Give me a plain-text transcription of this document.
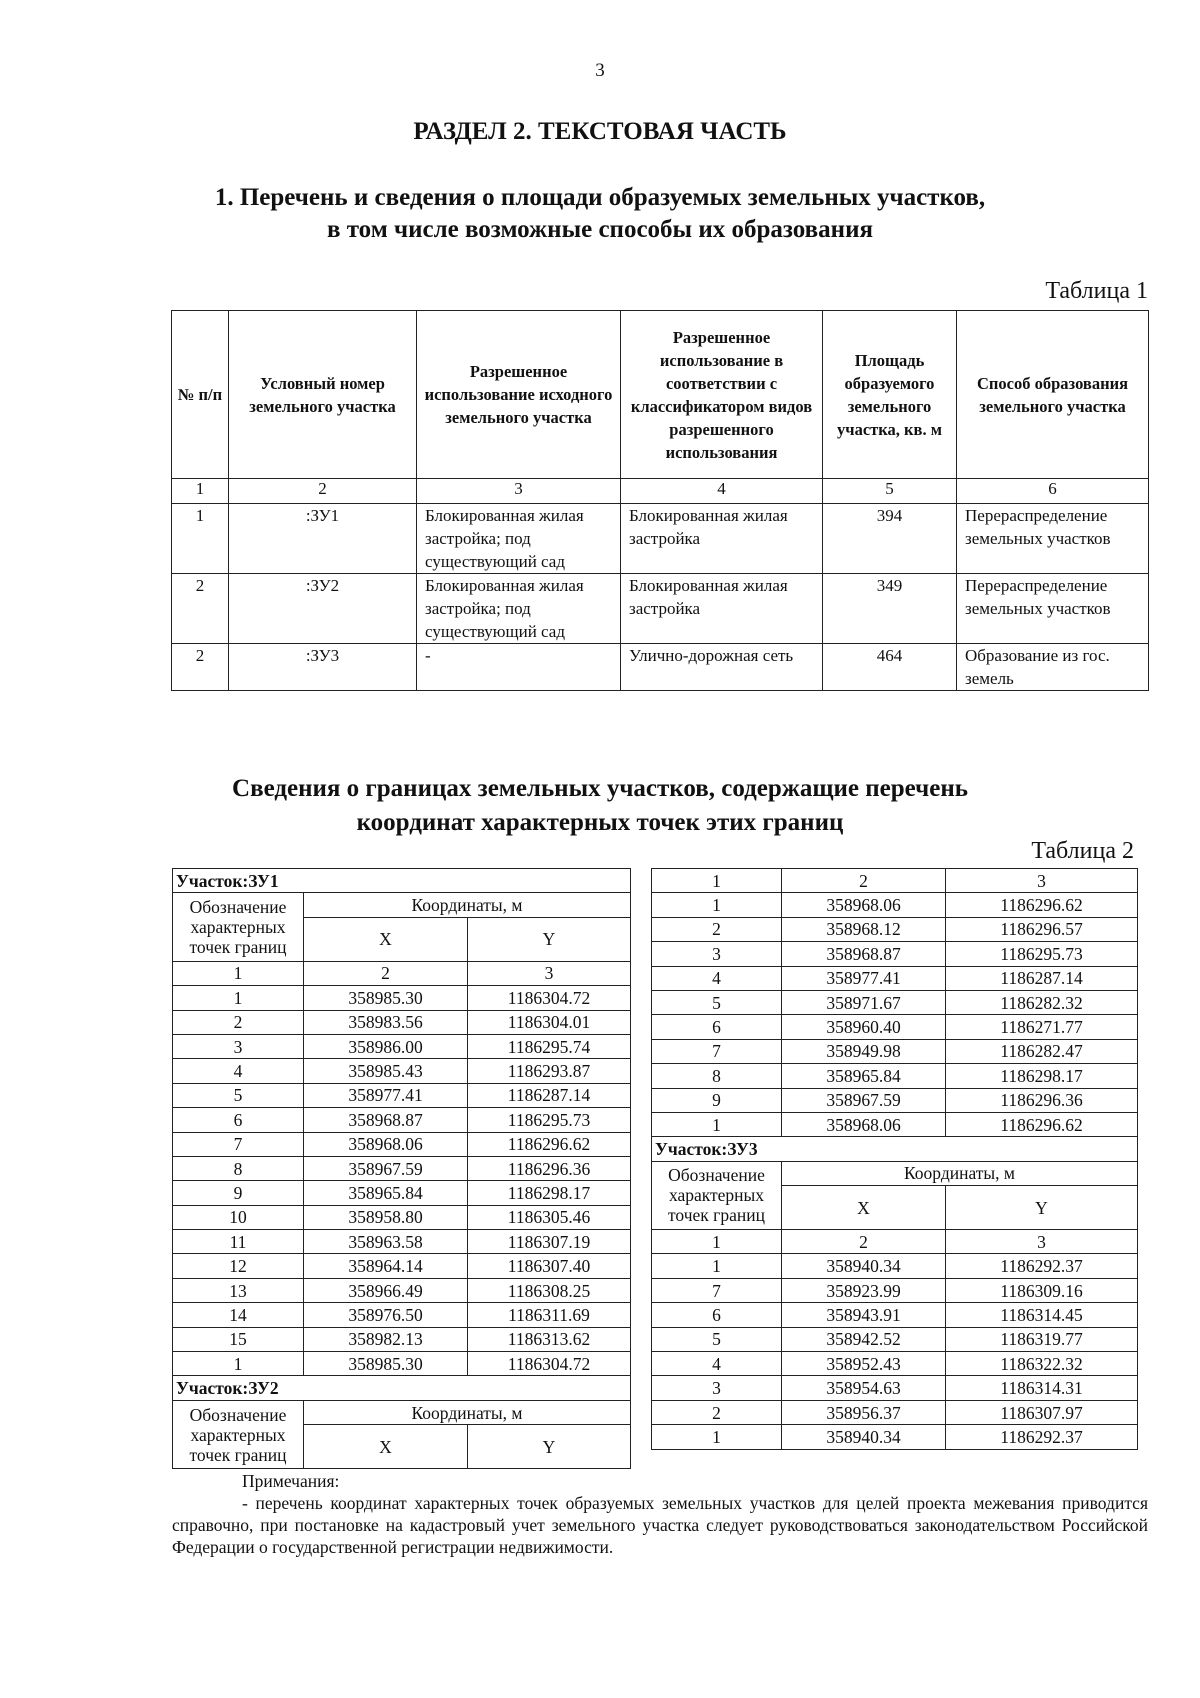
3
РАЗДЕЛ 2. ТЕКСТОВАЯ ЧАСТЬ
1. Перечень и сведения о площади образуемых земельных участков,
в том числе возможные способы их образования
Таблица 1
№ п/п	Условный номер земельного участка	Разрешенное использование исходного земельного участка	Разрешенное использование в соответствии с классификатором видов разрешенного использования	Площадь образуемого земельного участка, кв. м	Способ образования земельного участка
1	2	3	4	5	6
1	:ЗУ1	Блокированная жилая застройка; под существующий сад	Блокированная жилая застройка	394	Перераспределение земельных участков
2	:ЗУ2	Блокированная жилая застройка; под существующий сад	Блокированная жилая застройка	349	Перераспределение земельных участков
2	:ЗУ3	-	Улично-дорожная сеть	464	Образование из гос. земель
Сведения о границах земельных участков, содержащие перечень
координат характерных точек этих границ
Таблица 2
Участок:ЗУ1		
Обозначение характерных точек границ	Координаты, м	
	X	Y
1	2	3
1	358985.30	1186304.72
2	358983.56	1186304.01
3	358986.00	1186295.74
4	358985.43	1186293.87
5	358977.41	1186287.14
6	358968.87	1186295.73
7	358968.06	1186296.62
8	358967.59	1186296.36
9	358965.84	1186298.17
10	358958.80	1186305.46
11	358963.58	1186307.19
12	358964.14	1186307.40
13	358966.49	1186308.25
14	358976.50	1186311.69
15	358982.13	1186313.62
1	358985.30	1186304.72
Участок:ЗУ2		
Обозначение характерных точек границ	Координаты, м	
	X	Y
1	2	3
1	358968.06	1186296.62
2	358968.12	1186296.57
3	358968.87	1186295.73
4	358977.41	1186287.14
5	358971.67	1186282.32
6	358960.40	1186271.77
7	358949.98	1186282.47
8	358965.84	1186298.17
9	358967.59	1186296.36
1	358968.06	1186296.62
Участок:ЗУ3		
Обозначение характерных точек границ	Координаты, м	
	X	Y
1	2	3
1	358940.34	1186292.37
7	358923.99	1186309.16
6	358943.91	1186314.45
5	358942.52	1186319.77
4	358952.43	1186322.32
3	358954.63	1186314.31
2	358956.37	1186307.97
1	358940.34	1186292.37
Примечания:
- перечень координат характерных точек образуемых земельных участков для целей проекта межевания приводится справочно, при постановке на кадастровый учет земельного участка следует руководствоваться законодательством Российской Федерации о государственной регистрации недвижимости.
